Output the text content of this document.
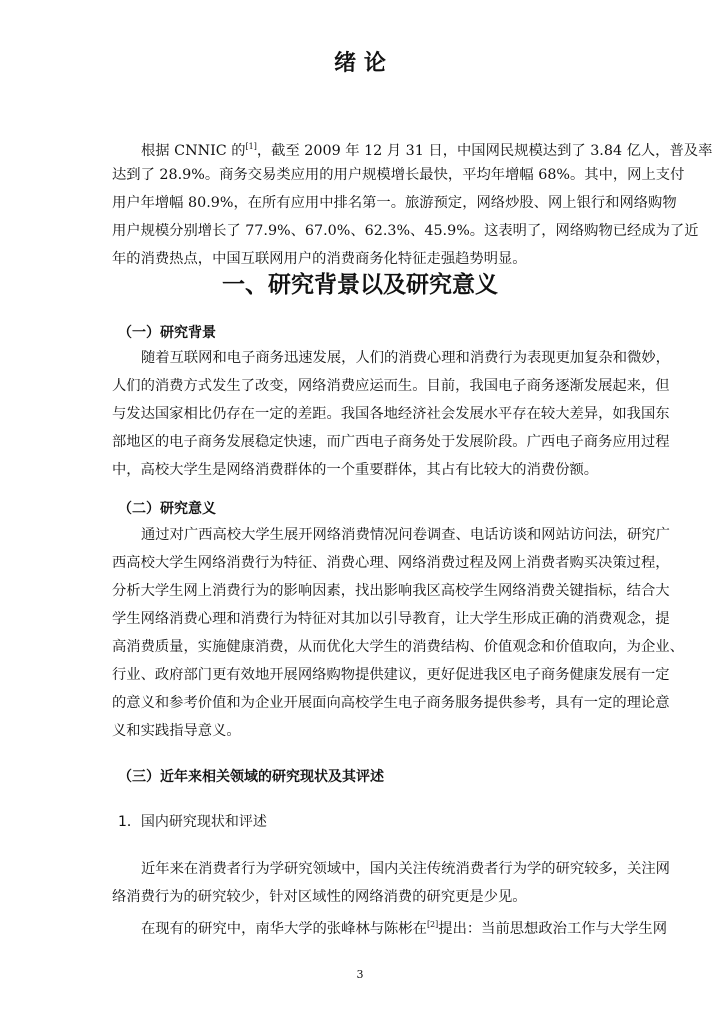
绪 论
根据 CNNIC 的[1]，截至 2009 年 12 月 31 日，中国网民规模达到了 3.84 亿人，普及率
达到了 28.9%。商务交易类应用的用户规模增长最快，平均年增幅 68%。其中，网上支付
用户年增幅 80.9%，在所有应用中排名第一。旅游预定，网络炒股、网上银行和网络购物
用户规模分别增长了 77.9%、67.0%、62.3%、45.9%。这表明了，网络购物已经成为了近
年的消费热点，中国互联网用户的消费商务化特征走强趋势明显。
一、研究背景以及研究意义
（一）研究背景
随着互联网和电子商务迅速发展，人们的消费心理和消费行为表现更加复杂和微妙，
人们的消费方式发生了改变，网络消费应运而生。目前，我国电子商务逐渐发展起来，但
与发达国家相比仍存在一定的差距。我国各地经济社会发展水平存在较大差异，如我国东
部地区的电子商务发展稳定快速，而广西电子商务处于发展阶段。广西电子商务应用过程
中，高校大学生是网络消费群体的一个重要群体，其占有比较大的消费份额。
（二）研究意义
通过对广西高校大学生展开网络消费情况问卷调查、电话访谈和网站访问法，研究广
西高校大学生网络消费行为特征、消费心理、网络消费过程及网上消费者购买决策过程，
分析大学生网上消费行为的影响因素，找出影响我区高校学生网络消费关键指标，结合大
学生网络消费心理和消费行为特征对其加以引导教育，让大学生形成正确的消费观念，提
高消费质量，实施健康消费，从而优化大学生的消费结构、价值观念和价值取向，为企业、
行业、政府部门更有效地开展网络购物提供建议，更好促进我区电子商务健康发展有一定
的意义和参考价值和为企业开展面向高校学生电子商务服务提供参考，具有一定的理论意
义和实践指导意义。
（三）近年来相关领域的研究现状及其评述
1．国内研究现状和评述
近年来在消费者行为学研究领域中，国内关注传统消费者行为学的研究较多，关注网
络消费行为的研究较少，针对区域性的网络消费的研究更是少见。
在现有的研究中，南华大学的张峰林与陈彬在[2]提出：当前思想政治工作与大学生网
3
